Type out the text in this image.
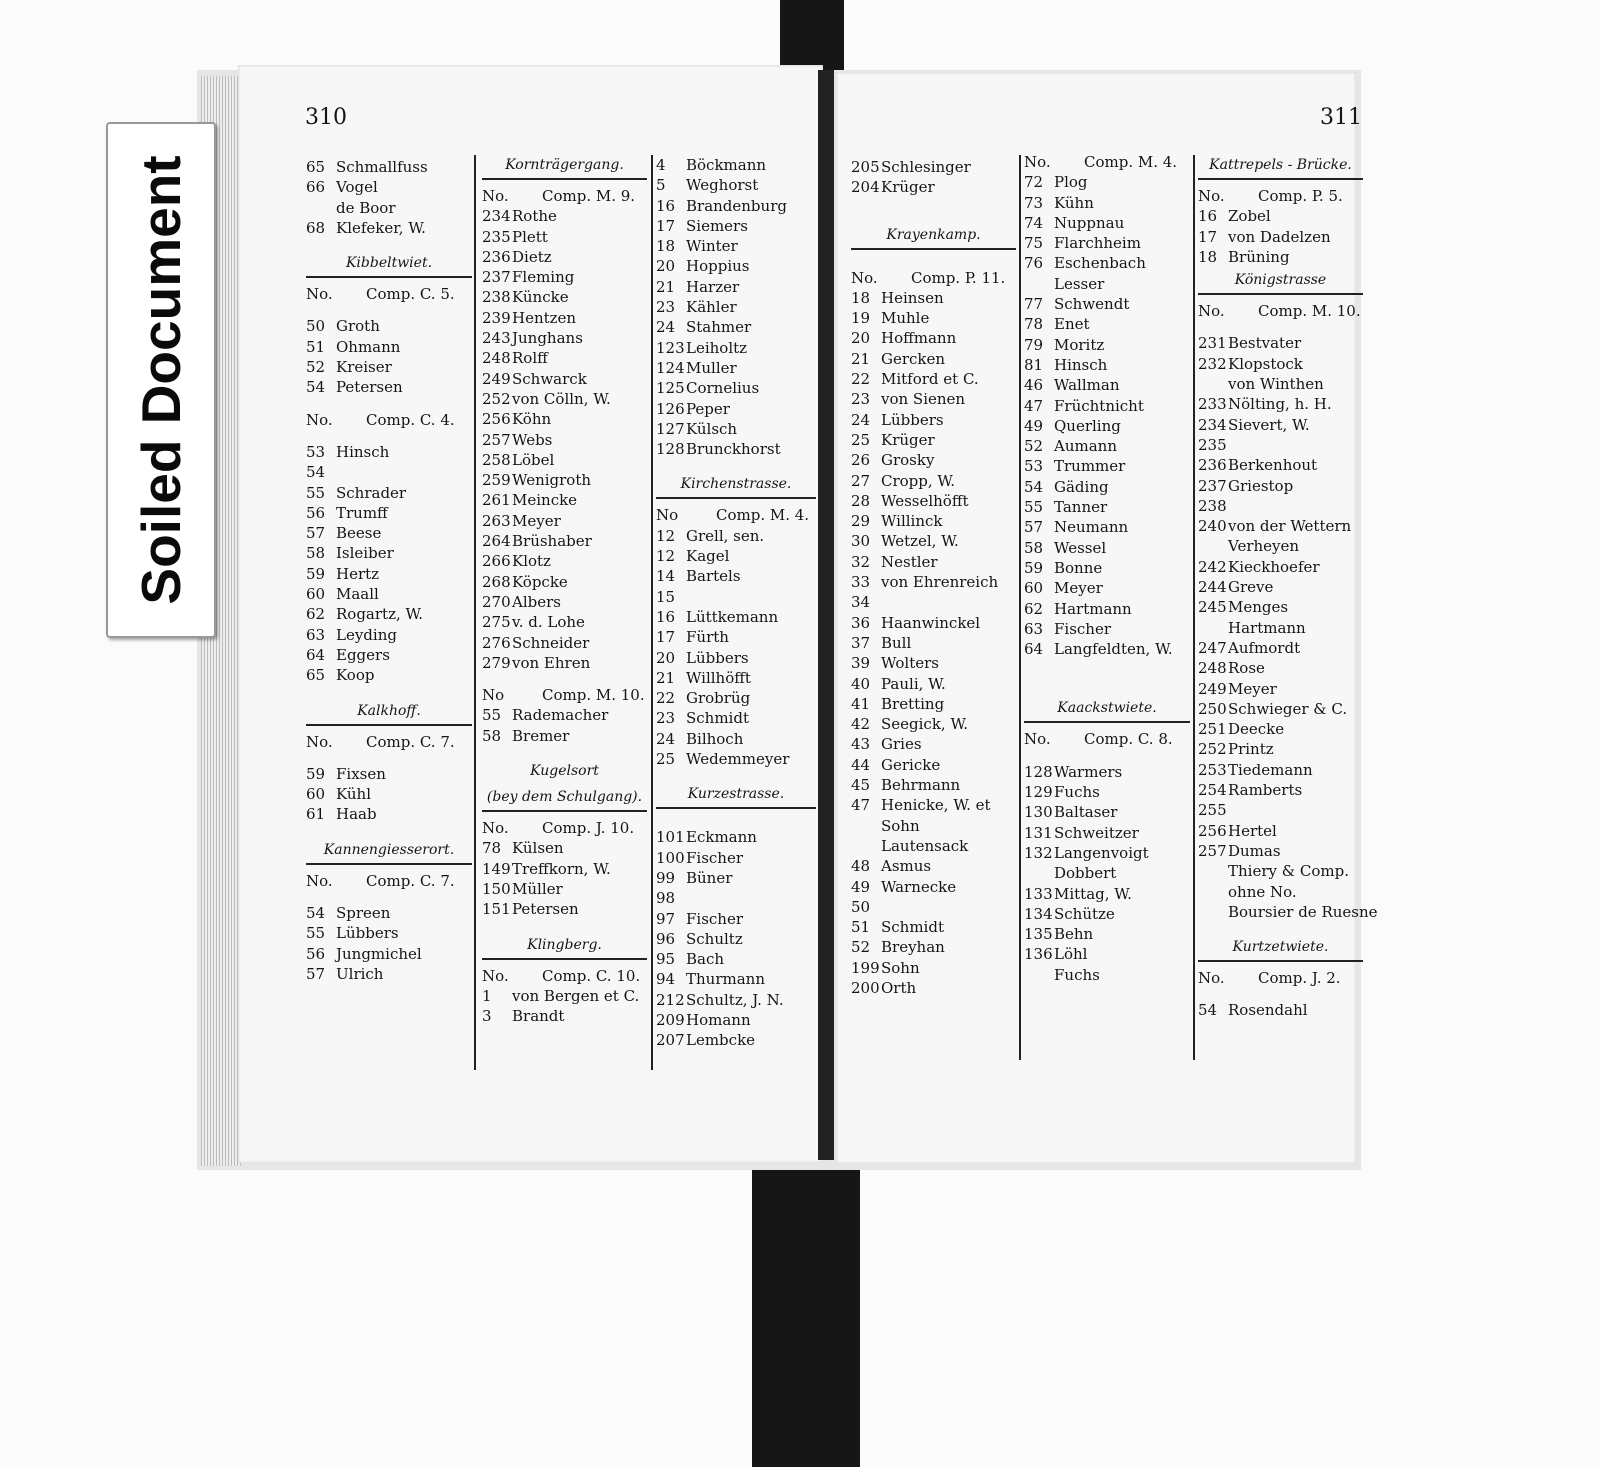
310	311
65 Schmallfuss
66 Vogel
de Boor
68 Klefeker, W.
Kibbeltwiet.
No. Comp. C. 5.
50 Groth
51 Ohmann
52 Kreiser
54 Petersen
No. Comp. C. 4.
53 Hinsch
54
55 Schrader
56 Trumff
57 Beese
58 Isleiber
59 Hertz
60 Maall
62 Rogartz, W.
63 Leyding
64 Eggers
65 Koop
Kalkhoff.
No. Comp. C. 7.
59 Fixsen
60 Kühl
61 Haab
Kannengiesserort.
No. Comp. C. 7.
54 Spreen
55 Lübbers
56 Jungmichel
57 Ulrich
Kornträgergang.
No. Comp. M. 9.
234Rothe
235Plett
236Dietz
237Fleming
238Küncke
239Hentzen
243Junghans
248Rolff
249Schwarck
252von Cölln, W.
256Köhn
257Webs
258Löbel
259Wenigroth
261Meincke
263Meyer
264Brüshaber
266Klotz
268Köpcke
270Albers
275v. d. Lohe
276Schneider
279von Ehren
No	Comp. M. 10.
55 Rademacher
58 Bremer
Kugelsort
(bey dem Schulgang).
No. Comp. J. 10.
78 Külsen
149Treffkorn, W.
150Müller
151Petersen
Klingberg.
No. Comp. C. 10.
1 von Bergen et C.
3 Brandt
4 Böckmann
5 Weghorst
16 Brandenburg
17 Siemers
18 Winter
20 Hoppius
21 Harzer
23 Kähler
24 Stahmer
123Leiholtz
124Muller
125Cornelius
126Peper
127Külsch
128Brunckhorst
Kirchenstrasse.
No	Comp. M. 4.
12 Grell, sen.
12 Kagel
14 Bartels
15
16 Lüttkemann
17 Fürth
20 Lübbers
21 Willhöfft
22 Grobrüg
23 Schmidt
24 Bilhoch
25 Wedemmeyer
Kurzestrasse.
101Eckmann
100Fischer
99 Büner
98
97 Fischer
96 Schultz
95 Bach
94 Thurmann
212Schultz, J. N.
209Homann
207Lembcke
205Schlesinger
204Krüger
Krayenkamp.
No. Comp. P. 11.
18 Heinsen
19 Muhle
20 Hoffmann
21 Gercken
22 Mitford et C.
23 von Sienen
24 Lübbers
25 Krüger
26 Grosky
27 Cropp, W.
28 Wesselhöfft
29 Willinck
30 Wetzel, W.
32 Nestler
33 von Ehrenreich
34
36 Haanwinckel
37 Bull
39 Wolters
40 Pauli, W.
41 Bretting
42 Seegick, W.
43 Gries
44 Gericke
45 Behrmann
47 Henicke, W. et
Sohn
Lautensack
48 Asmus
49 Warnecke
50
51 Schmidt
52 Breyhan
199Sohn
200Orth
No. Comp. M. 4.
72 Plog
73 Kühn
74 Nuppnau
75 Flarchheim
76 Eschenbach
Lesser
77 Schwendt
78 Enet
79 Moritz
81 Hinsch
46 Wallman
47 Früchtnicht
49 Querling
52 Aumann
53 Trummer
54 Gäding
55 Tanner
57 Neumann
58 Wessel
59 Bonne
60 Meyer
62 Hartmann
63 Fischer
64 Langfeldten, W.
Kaackstwiete.
No. Comp. C. 8.
128Warmers
129Fuchs
130Baltaser
131Schweitzer
132Langenvoigt
Dobbert
133Mittag, W.
134Schütze
135Behn
136Löhl
Fuchs
Kattrepels - Brücke.
No. Comp. P. 5.
16 Zobel
17 von Dadelzen
18 Brüning
Königstrasse
No. Comp. M. 10.
231Bestvater
232Klopstock
von Winthen
233Nölting, h. H.
234Sievert, W.
235
236Berkenhout
237Griestop
238
240von der Wettern
Verheyen
242Kieckhoefer
244Greve
245Menges
Hartmann
247Aufmordt
248Rose
249Meyer
250Schwieger & C.
251Deecke
252Printz
253Tiedemann
254Ramberts
255
256Hertel
257Dumas
Thiery & Comp.
ohne No.
Boursier de Ruesne
Kurtzetwiete.
No. Comp. J. 2.
54 Rosendahl
Soiled Document
